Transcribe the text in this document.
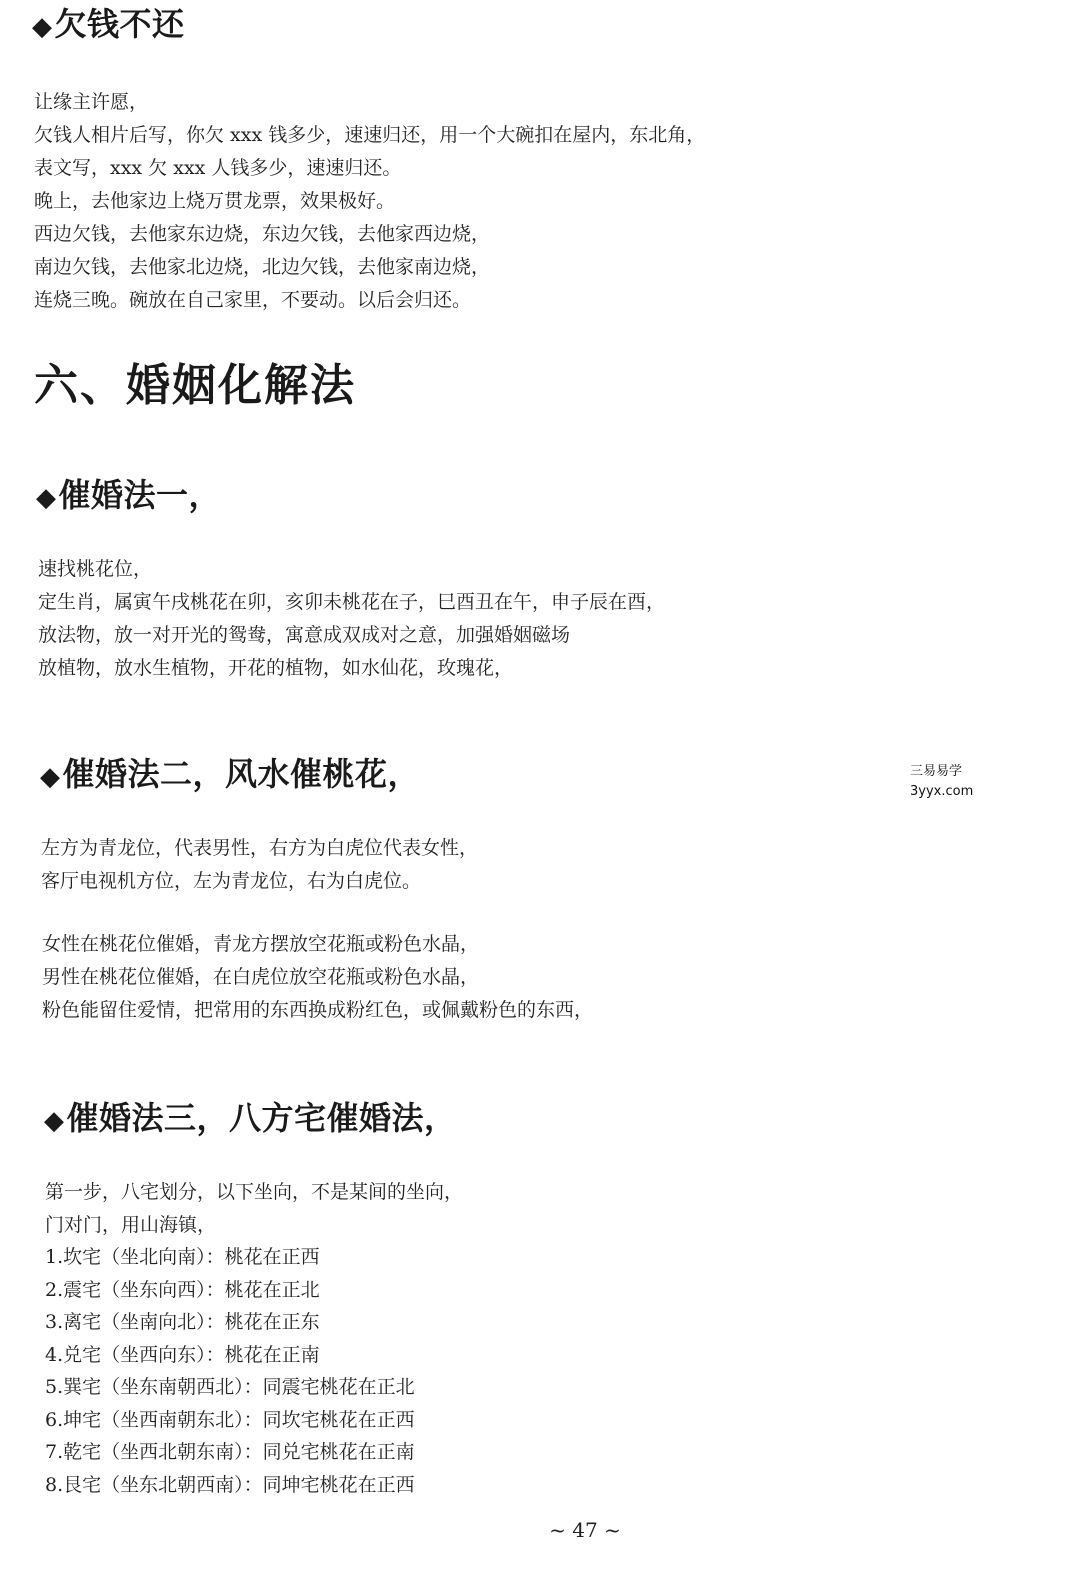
◆欠钱不还
让缘主许愿，
欠钱人相片后写，你欠 xxx 钱多少，速速归还，用一个大碗扣在屋内，东北角，
表文写，xxx 欠 xxx 人钱多少，速速归还。
晚上，去他家边上烧万贯龙票，效果极好。
西边欠钱，去他家东边烧，东边欠钱，去他家西边烧，
南边欠钱，去他家北边烧，北边欠钱，去他家南边烧，
连烧三晚。碗放在自己家里，不要动。以后会归还。
六、婚姻化解法
◆催婚法一，
速找桃花位，
定生肖，属寅午戌桃花在卯，亥卯未桃花在子，巳酉丑在午，申子辰在酉，
放法物，放一对开光的鸳鸯，寓意成双成对之意，加强婚姻磁场
放植物，放水生植物，开花的植物，如水仙花，玫瑰花，
◆催婚法二，风水催桃花，
左方为青龙位，代表男性，右方为白虎位代表女性，
客厅电视机方位，左为青龙位，右为白虎位。
女性在桃花位催婚，青龙方摆放空花瓶或粉色水晶，
男性在桃花位催婚，在白虎位放空花瓶或粉色水晶，
粉色能留住爱情，把常用的东西换成粉红色，或佩戴粉色的东西，
◆催婚法三，八方宅催婚法，
第一步，八宅划分，以下坐向，不是某间的坐向，
门对门，用山海镇，
1.坎宅（坐北向南）：桃花在正西
2.震宅（坐东向西）：桃花在正北
3.离宅（坐南向北）：桃花在正东
4.兑宅（坐西向东）：桃花在正南
5.巽宅（坐东南朝西北）：同震宅桃花在正北
6.坤宅（坐西南朝东北）：同坎宅桃花在正西
7.乾宅（坐西北朝东南）：同兑宅桃花在正南
8.艮宅（坐东北朝西南）：同坤宅桃花在正西
三易易学
3yyx.com
~ 47 ~
